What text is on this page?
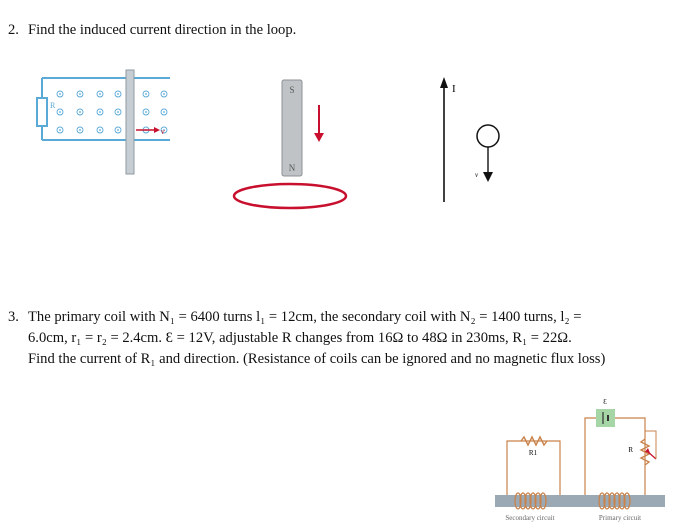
2. Find the induced current direction in the loop.
R
v
S
N
I
v
3. The primary coil with N₁ = 6400 turns l₁ = 12cm, the secondary coil with N₂ = 1400 turns, l₂ =
6.0cm, r₁ = r₂ = 2.4cm. Ɛ = 12V, adjustable R changes from 16Ω to 48Ω in 230ms, R₁ = 22Ω.
Find the current of R₁ and direction. (Resistance of coils can be ignored and no magnetic flux loss)
R1
Ɛ
R
Secondary circuit	Primary circuit
